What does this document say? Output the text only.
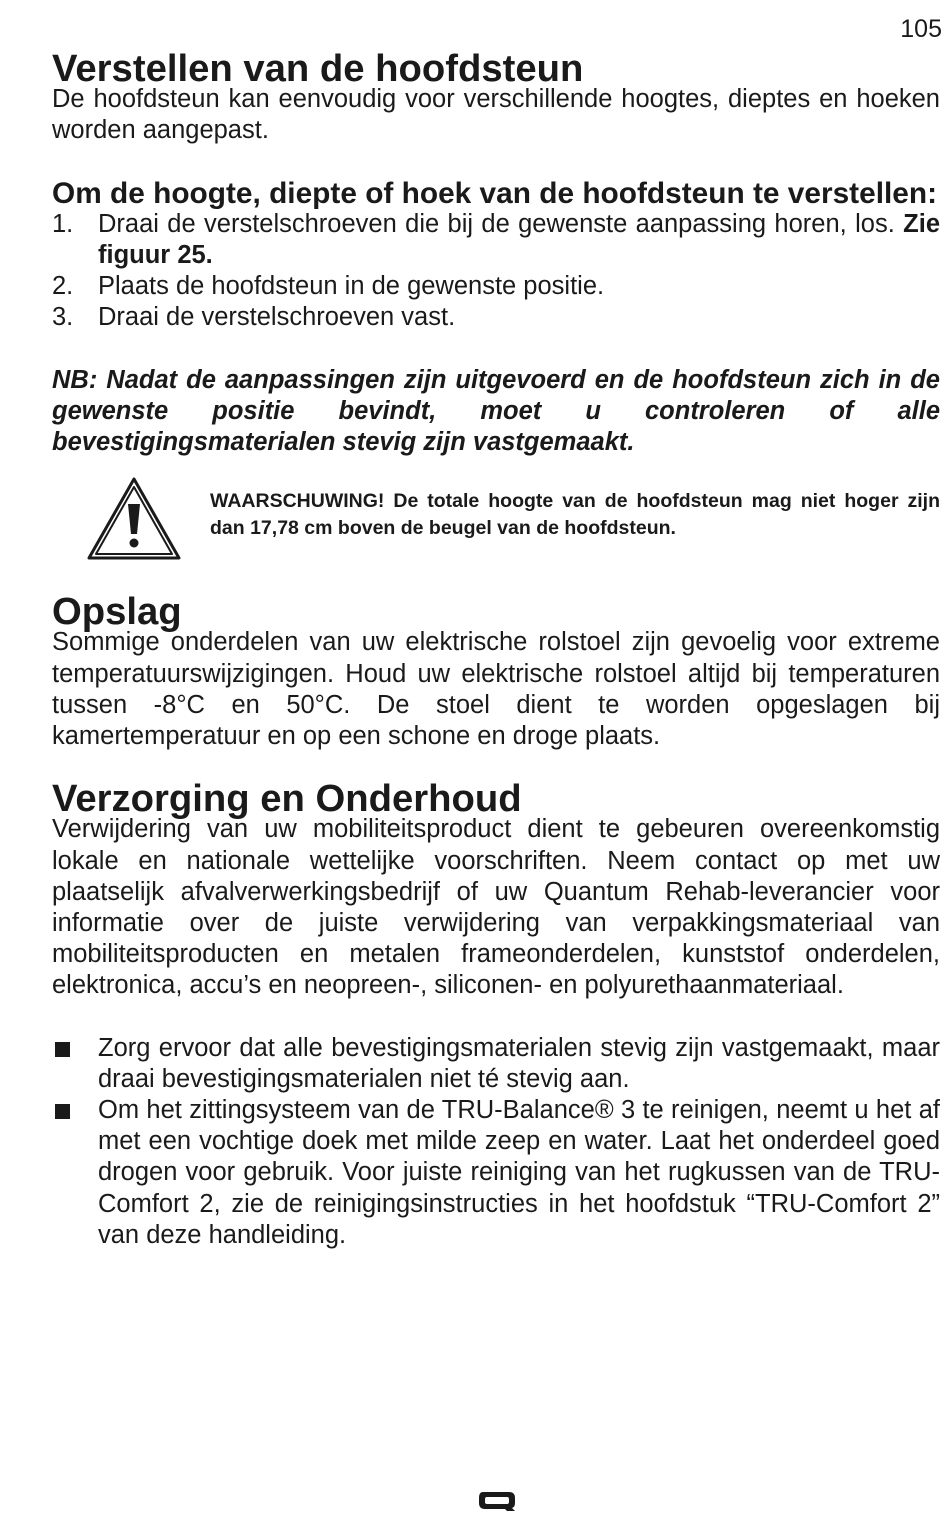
105
Verstellen van de hoofdsteun

De hoofdsteun kan eenvoudig voor verschillende hoogtes, dieptes en hoeken worden aangepast.

Om de hoogte, diepte of hoek van de hoofdsteun te verstellen:
1. Draai de verstelschroeven die bij de gewenste aanpassing horen, los. Zie figuur 25.
2. Plaats de hoofdsteun in de gewenste positie.
3. Draai de verstelschroeven vast.

NB: Nadat de aanpassingen zijn uitgevoerd en de hoofdsteun zich in de gewenste positie bevindt, moet u controleren of alle bevestigingsmaterialen stevig zijn vastgemaakt.

WAARSCHUWING! De totale hoogte van de hoofdsteun mag niet hoger zijn dan 17,78 cm boven de beugel van de hoofdsteun.
Opslag

Sommige onderdelen van uw elektrische rolstoel zijn gevoelig voor extreme temperatuurswijzigingen. Houd uw elektrische rolstoel altijd bij temperaturen tussen -8°C en 50°C. De stoel dient te worden opgeslagen bij kamertemperatuur en op een schone en droge plaats.

Verzorging en Onderhoud

Verwijdering van uw mobiliteitsproduct dient te gebeuren overeenkomstig lokale en nationale wettelijke voorschriften. Neem contact op met uw plaatselijk afvalverwerkingsbedrijf of uw Quantum Rehab-leverancier voor informatie over de juiste verwijdering van verpakkingsmateriaal van mobiliteitsproducten en metalen frameonderdelen, kunststof onderdelen, elektronica, accu’s en neopreen-, siliconen- en polyurethaanmateriaal.

Zorg ervoor dat alle bevestigingsmaterialen stevig zijn vastgemaakt, maar draai bevestigingsmaterialen niet té stevig aan.
Om het zittingsysteem van de TRU-Balance® 3 te reinigen, neemt u het af met een vochtige doek met milde zeep en water. Laat het onderdeel goed drogen voor gebruik. Voor juiste reiniging van het rugkussen van de TRU-Comfort 2, zie de reinigingsinstructies in het hoofdstuk “TRU-Comfort 2” van deze handleiding.
